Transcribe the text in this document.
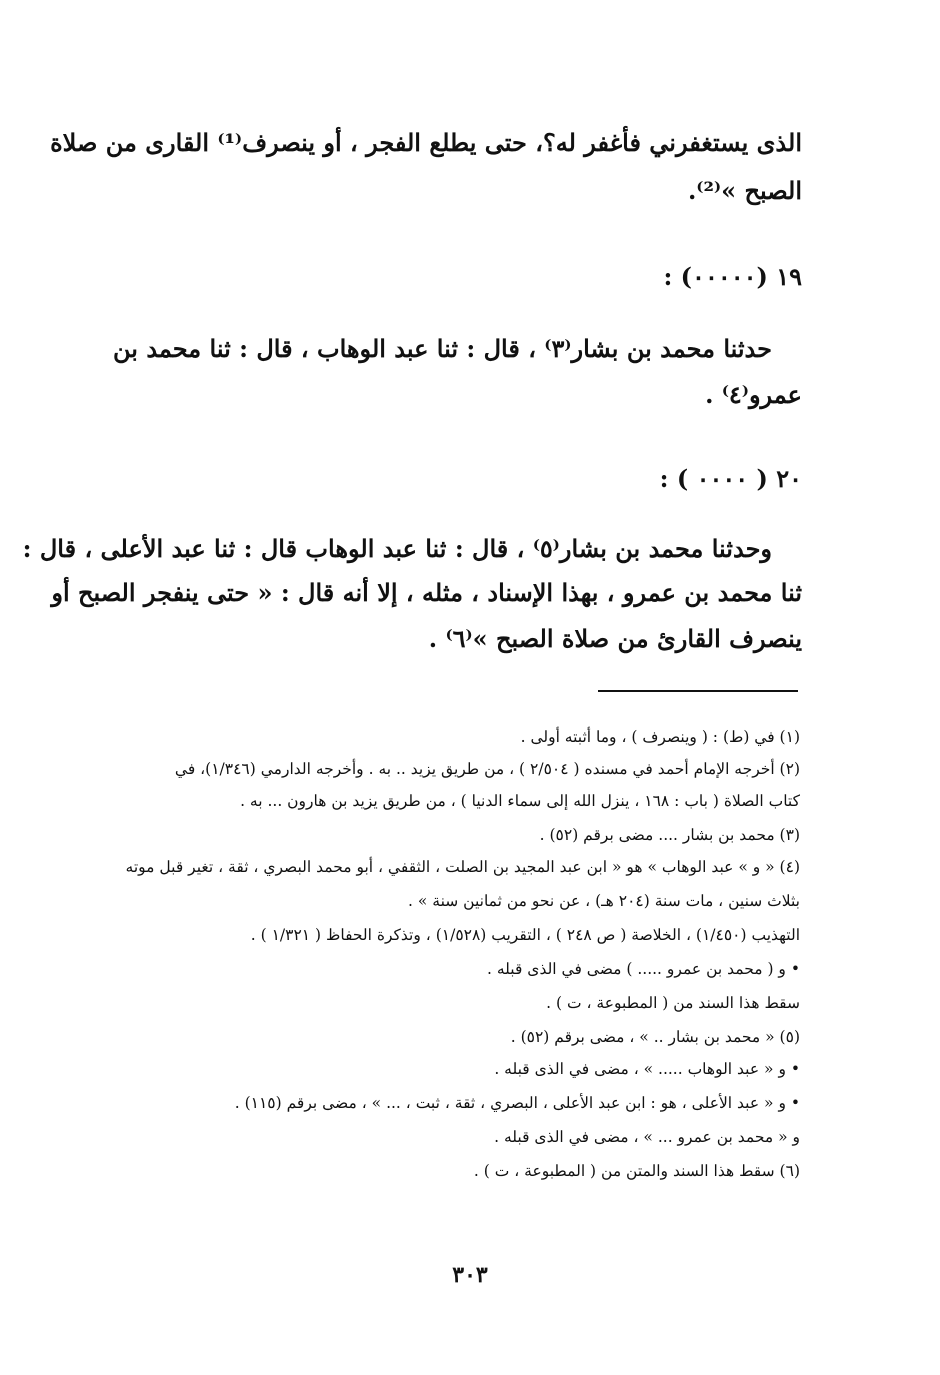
الذى يستغفرني فأغفر له؟، حتى يطلع الفجر ، أو ينصرف⁽¹⁾ القارى من صلاة
الصبح »⁽²⁾.
١٩ (٠٠٠٠٠) :
حدثنا محمد بن بشار⁽٣⁾ ، قال : ثنا عبد الوهاب ، قال : ثنا محمد بن
عمرو⁽٤⁾ .
٢٠ ( ٠٠٠٠ ) :
وحدثنا محمد بن بشار⁽٥⁾ ، قال : ثنا عبد الوهاب قال : ثنا عبد الأعلى ، قال :
ثنا محمد بن عمرو ، بهذا الإسناد ، مثله ، إلا أنه قال : « حتى ينفجر الصبح أو
ينصرف القارئ من صلاة الصبح »⁽٦⁾ .
(١) في (ط) : ( وينصرف ) ، وما أثبته أولى .
(٢) أخرجه الإمام أحمد في مسنده ( ٢/٥٠٤ ) ، من طريق يزيد .. به . وأخرجه الدارمي (١/٣٤٦)، في
كتاب الصلاة ( باب : ١٦٨ ، ينزل الله إلى سماء الدنيا ) ، من طريق يزيد بن هارون ... به .
(٣) محمد بن بشار .... مضى برقم (٥٢) .
(٤) « و » عبد الوهاب » هو « ابن عبد المجيد بن الصلت ، الثقفي ، أبو محمد البصري ، ثقة ، تغير قبل موته
بثلاث سنين ، مات سنة (٢٠٤ هـ) ، عن نحو من ثمانين سنة » .
التهذيب (١/٤٥٠) ، الخلاصة ( ص ٢٤٨ ) ، التقريب (١/٥٢٨) ، وتذكرة الحفاظ ( ١/٣٢١ ) .
• و ( محمد بن عمرو ..... ) مضى في الذى قبله .
سقط هذا السند من ( المطبوعة ، ت ) .
(٥) « محمد بن بشار .. » ، مضى برقم (٥٢) .
• و « عبد الوهاب ..... » ، مضى في الذى قبله .
• و « عبد الأعلى ، هو : ابن عبد الأعلى ، البصري ، ثقة ، ثبت ، ... » ، مضى برقم (١١٥) .
و « محمد بن عمرو ... » ، مضى في الذى قبله .
(٦) سقط هذا السند والمتن من ( المطبوعة ، ت ) .
٣٠٣
